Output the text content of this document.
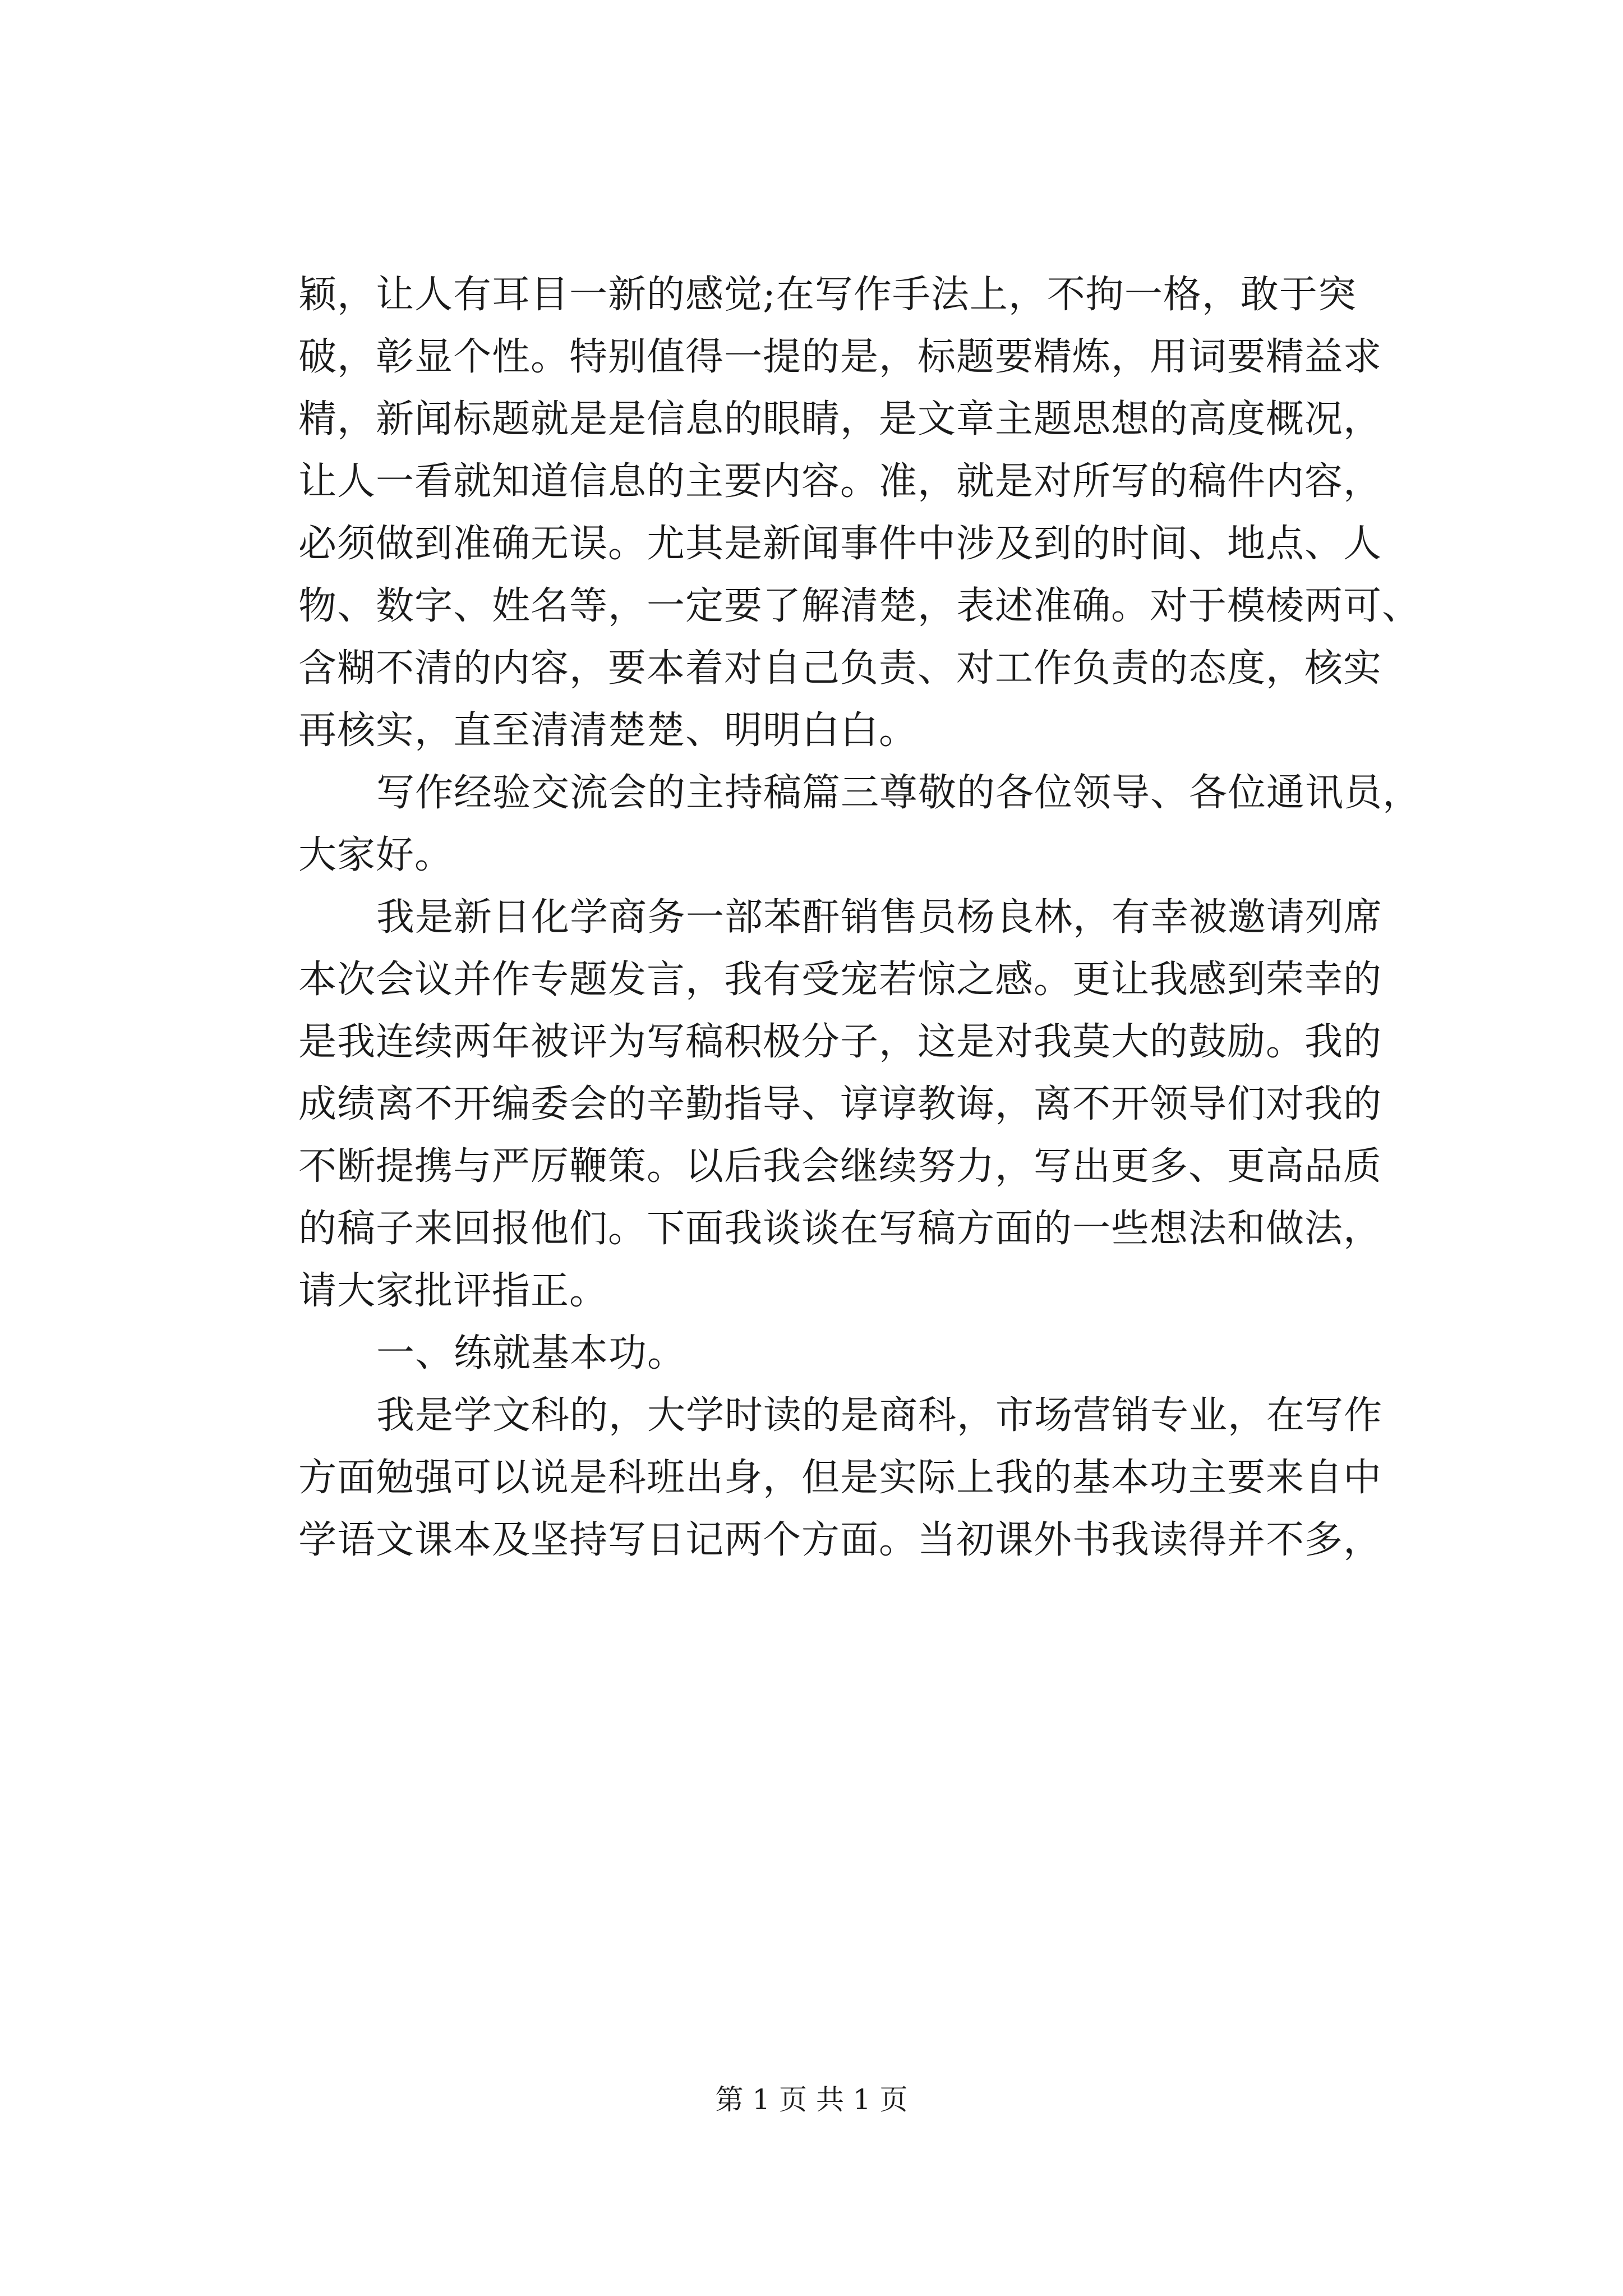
颖，让人有耳目一新的感觉;在写作手法上，不拘一格，敢于突
破，彰显个性。特别值得一提的是，标题要精炼，用词要精益求
精，新闻标题就是是信息的眼睛，是文章主题思想的高度概况，
让人一看就知道信息的主要内容。准，就是对所写的稿件内容，
必须做到准确无误。尤其是新闻事件中涉及到的时间、地点、人
物、数字、姓名等，一定要了解清楚，表述准确。对于模棱两可、
含糊不清的内容，要本着对自己负责、对工作负责的态度，核实
再核实，直至清清楚楚、明明白白。
写作经验交流会的主持稿篇三尊敬的各位领导、各位通讯员，
大家好。
我是新日化学商务一部苯酐销售员杨良林，有幸被邀请列席
本次会议并作专题发言，我有受宠若惊之感。更让我感到荣幸的
是我连续两年被评为写稿积极分子，这是对我莫大的鼓励。我的
成绩离不开编委会的辛勤指导、谆谆教诲，离不开领导们对我的
不断提携与严厉鞭策。以后我会继续努力，写出更多、更高品质
的稿子来回报他们。下面我谈谈在写稿方面的一些想法和做法，
请大家批评指正。
一、练就基本功。
我是学文科的，大学时读的是商科，市场营销专业，在写作
方面勉强可以说是科班出身，但是实际上我的基本功主要来自中
学语文课本及坚持写日记两个方面。当初课外书我读得并不多，
第 1 页 共 1 页
